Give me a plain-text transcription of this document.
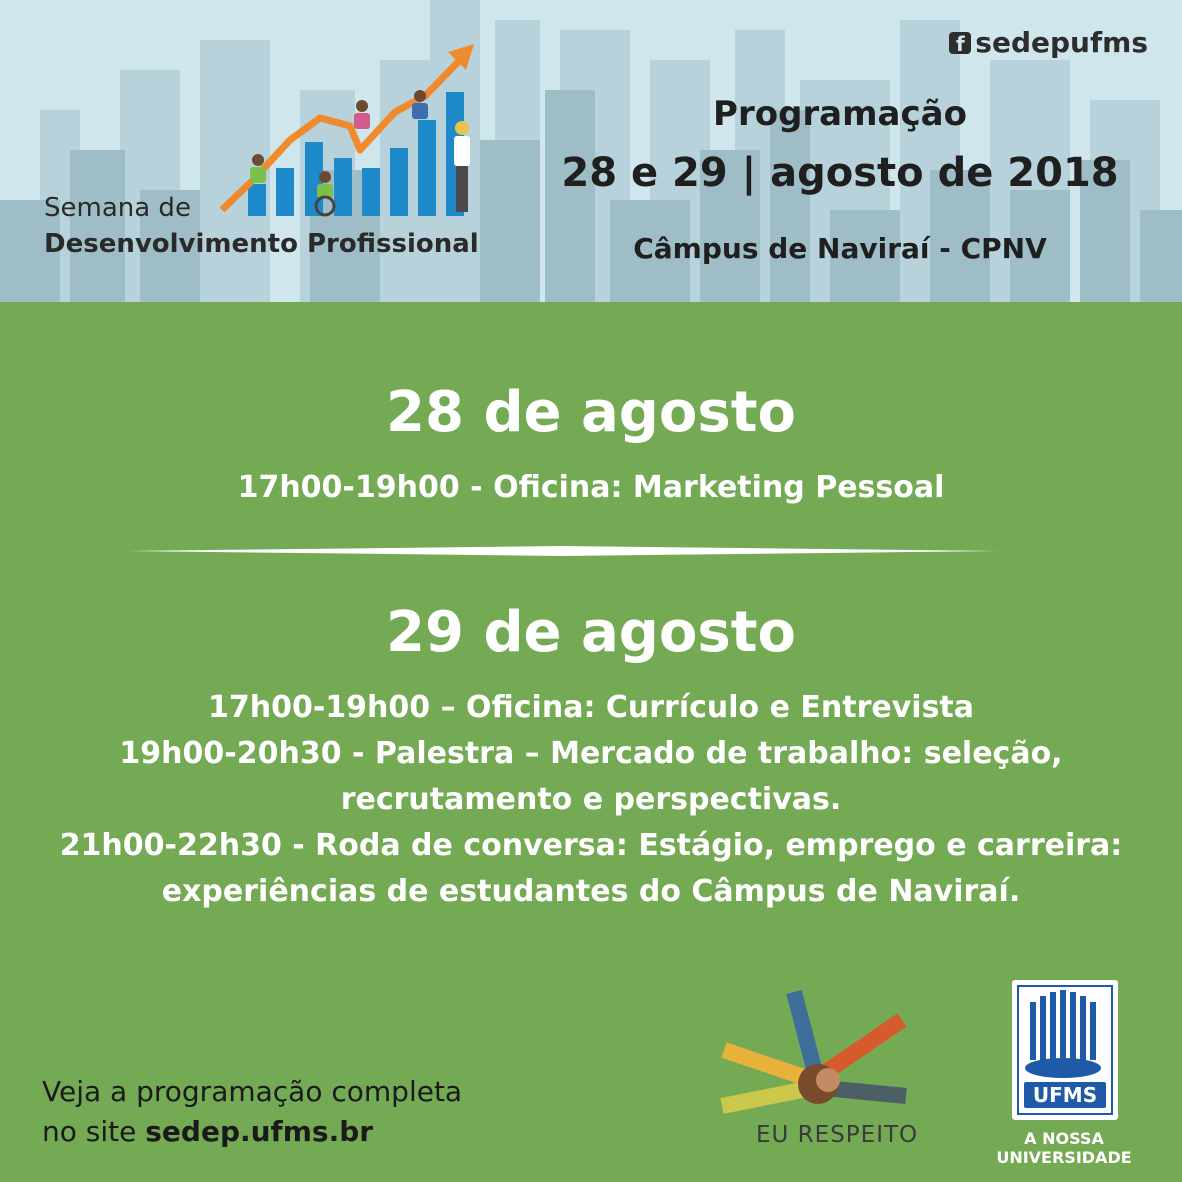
f sedepufms
Semana de
Desenvolvimento Profissional
Programação
28 e 29 | agosto de 2018
Câmpus de Naviraí - CPNV
28 de agosto
17h00-19h00 - Oficina: Marketing Pessoal
29 de agosto
17h00-19h00 – Oficina: Currículo e Entrevista
19h00-20h30 - Palestra – Mercado de trabalho: seleção,
recrutamento e perspectivas.
21h00-22h30 - Roda de conversa: Estágio, emprego e carreira:
experiências de estudantes do Câmpus de Naviraí.
Veja a programação completa
no site sedep.ufms.br	EU RESPEITO
UFMS
A NOSSA UNIVERSIDADE
